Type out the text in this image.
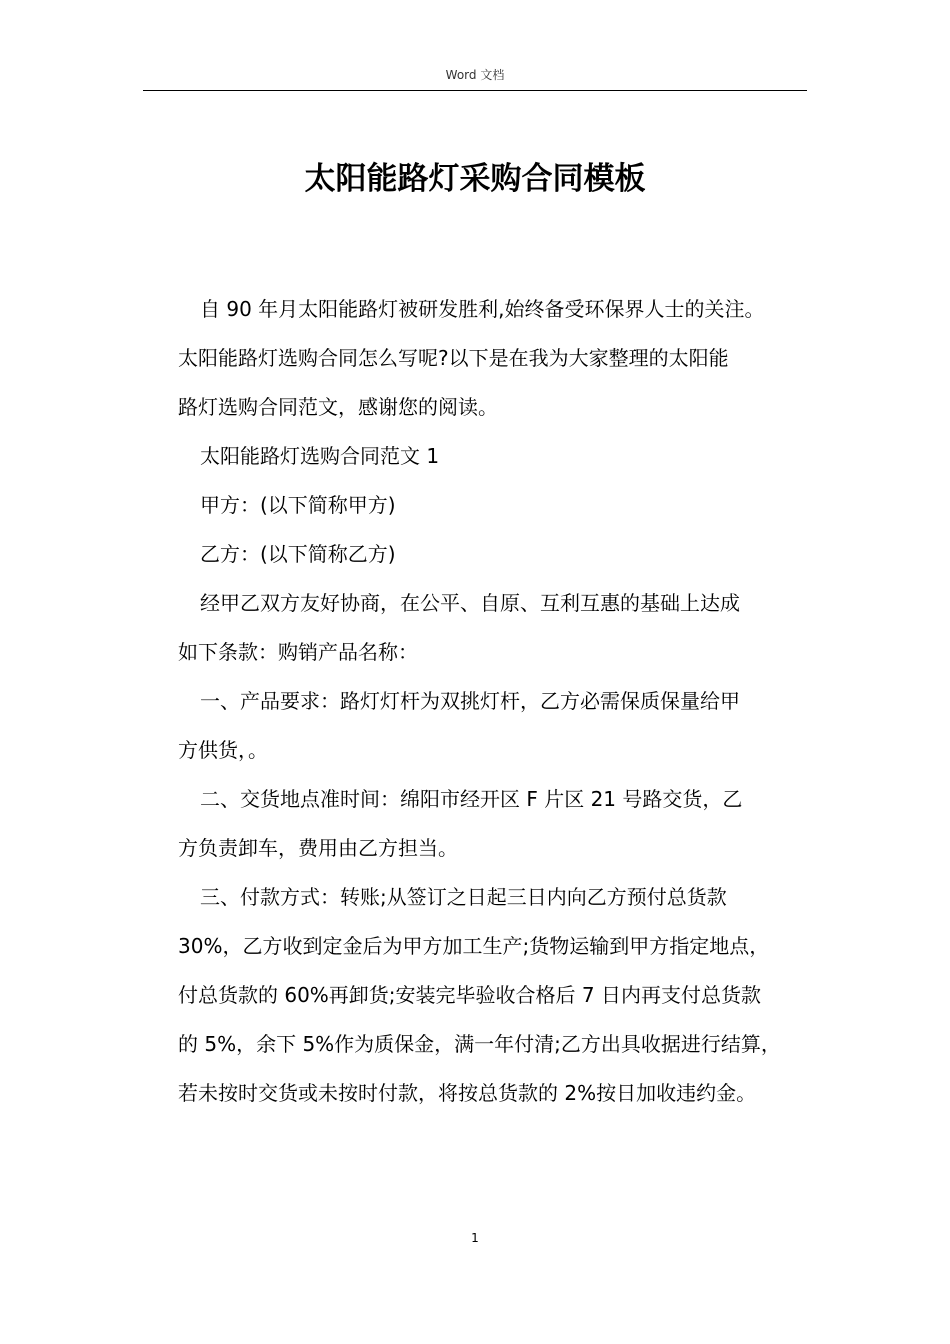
Word 文档
太阳能路灯采购合同模板

自 90 年月太阳能路灯被研发胜利,始终备受环保界人士的关注。
太阳能路灯选购合同怎么写呢?以下是在我为大家整理的太阳能
路灯选购合同范文，感谢您的阅读。

太阳能路灯选购合同范文 1

甲方：(以下简称甲方)

乙方：(以下简称乙方)

经甲乙双方友好协商，在公平、自原、互利互惠的基础上达成
如下条款：购销产品名称：

一、产品要求：路灯灯杆为双挑灯杆，乙方必需保质保量给甲
方供货，。

二、交货地点准时间：绵阳市经开区 F 片区 21 号路交货，乙
方负责卸车，费用由乙方担当。

三、付款方式：转账;从签订之日起三日内向乙方预付总货款
30%，乙方收到定金后为甲方加工生产;货物运输到甲方指定地点，
付总货款的 60%再卸货;安装完毕验收合格后 7 日内再支付总货款
的 5%，余下 5%作为质保金，满一年付清;乙方出具收据进行结算，
若未按时交货或未按时付款，将按总货款的 2%按日加收违约金。

1
